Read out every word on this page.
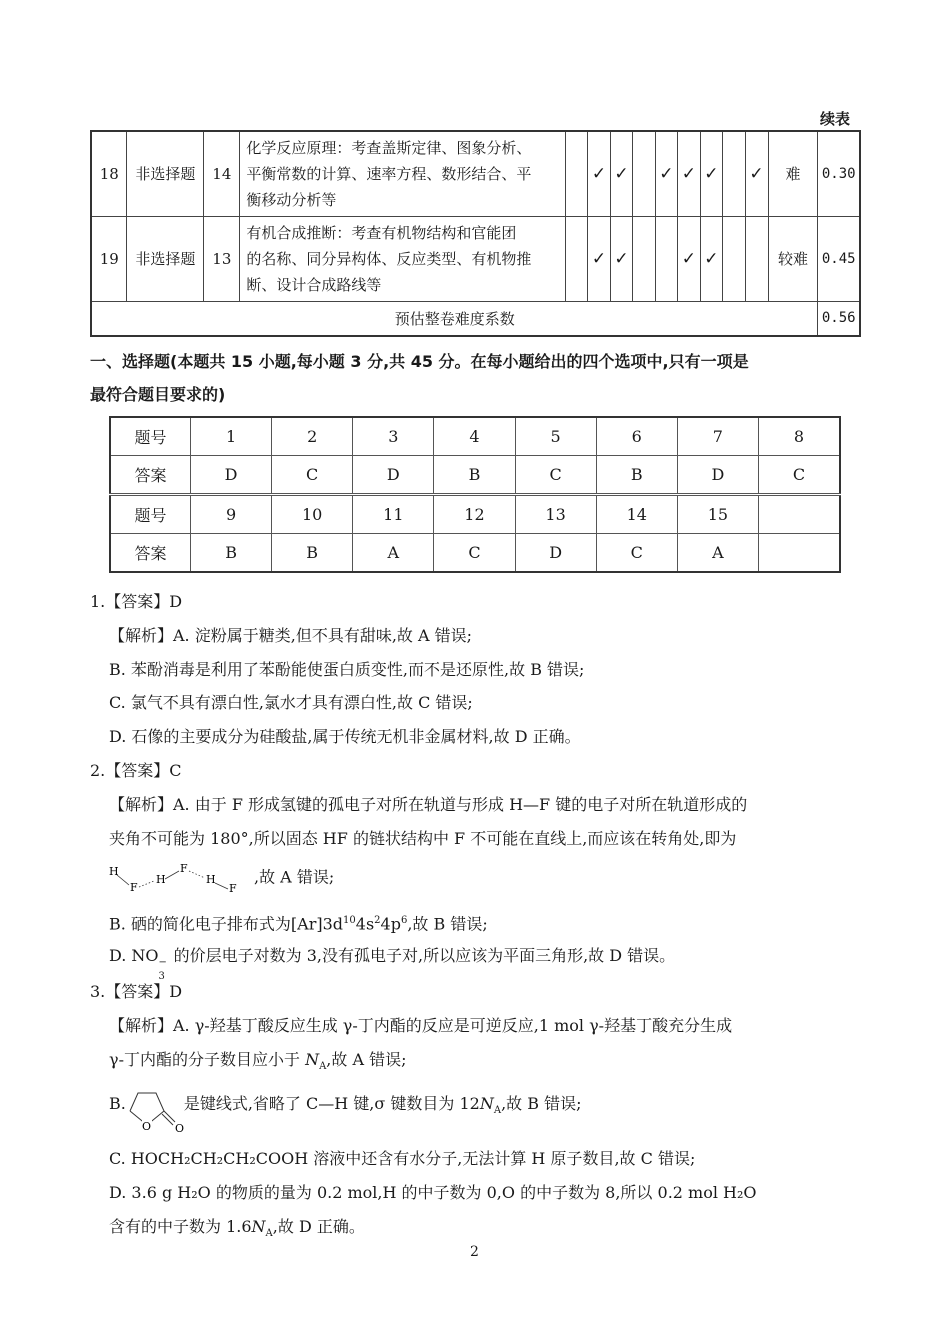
续表
18	非选择题	14	化学反应原理：考查盖斯定律、图象分析、
平衡常数的计算、速率方程、数形结合、平
衡移动分析等		✓	✓		✓	✓	✓		✓	难	0.30
19	非选择题	13	有机合成推断：考查有机物结构和官能团
的名称、同分异构体、反应类型、有机物推
断、设计合成路线等		✓	✓			✓	✓			较难	0.45
预估整卷难度系数														0.56
一、选择题(本题共 15 小题,每小题 3 分,共 45 分。在每小题给出的四个选项中,只有一项是
最符合题目要求的)
题号	1	2	3	4	5	6	7	8
答案	D	C	D	B	C	B	D	C
题号	9	10	11	12	13	14	15	
答案	B	B	A	C	D	C	A	
1.【答案】D
【解析】A. 淀粉属于糖类,但不具有甜味,故 A 错误;
B. 苯酚消毒是利用了苯酚能使蛋白质变性,而不是还原性,故 B 错误;
C. 氯气不具有漂白性,氯水才具有漂白性,故 C 错误;
D. 石像的主要成分为硅酸盐,属于传统无机非金属材料,故 D 正确。
2.【答案】C
【解析】A. 由于 F 形成氢键的孤电子对所在轨道与形成 H—F 键的电子对所在轨道形成的
夹角不可能为 180°,所以固态 HF 的链状结构中 F 不可能在直线上,而应该在转角处,即为
H
F
H
F
H
F
,故 A 错误;
B. 硒的简化电子排布式为$[Ar]3d^{10}4s^24p^6$,故 B 错误;
D. NO −
3
的价层电子对数为 3,没有孤电子对,所以应该为平面三角形,故 D 错误。
3.【答案】D
【解析】A. γ-羟基丁酸反应生成 γ-丁内酯的反应是可逆反应,1 mol γ-羟基丁酸充分生成
γ-丁内酯的分子数目应小于 $N_A$,故 A 错误;
B.
O O
是键线式,省略了 C—H 键,σ 键数目为 $12N_A$,故 B 错误;
C. HOCH₂CH₂CH₂COOH 溶液中还含有水分子,无法计算 H 原子数目,故 C 错误;
D. 3.6 g H₂O 的物质的量为 0.2 mol,H 的中子数为 0,O 的中子数为 8,所以 0.2 mol H₂O
含有的中子数为 $1.6N_A$,故 D 正确。
2
